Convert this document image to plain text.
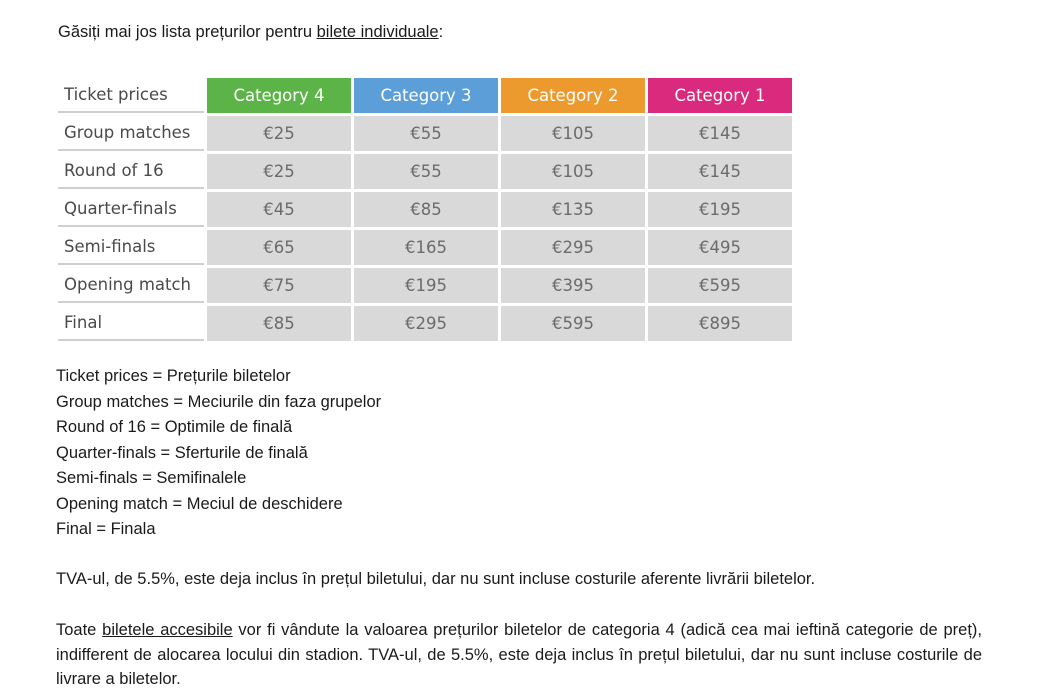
Găsiți mai jos lista prețurilor pentru bilete individuale:
Ticket prices	Category 4	Category 3	Category 2	Category 1
Group matches	€25	€55	€105	€145
Round of 16	€25	€55	€105	€145
Quarter-finals	€45	€85	€135	€195
Semi-finals	€65	€165	€295	€495
Opening match	€75	€195	€395	€595
Final	€85	€295	€595	€895
Ticket prices = Prețurile biletelor
Group matches = Meciurile din faza grupelor
Round of 16 = Optimile de finală
Quarter-finals = Sferturile de finală
Semi-finals = Semifinalele
Opening match = Meciul de deschidere
Final = Finala
TVA-ul, de 5.5%, este deja inclus în prețul biletului, dar nu sunt incluse costurile aferente livrării biletelor.
Toate biletele accesibile vor fi vândute la valoarea prețurilor biletelor de categoria 4 (adică cea mai ieftină categorie de preț), indifferent de alocarea locului din stadion. TVA-ul, de 5.5%, este deja inclus în prețul biletului, dar nu sunt incluse costurile de livrare a biletelor.
